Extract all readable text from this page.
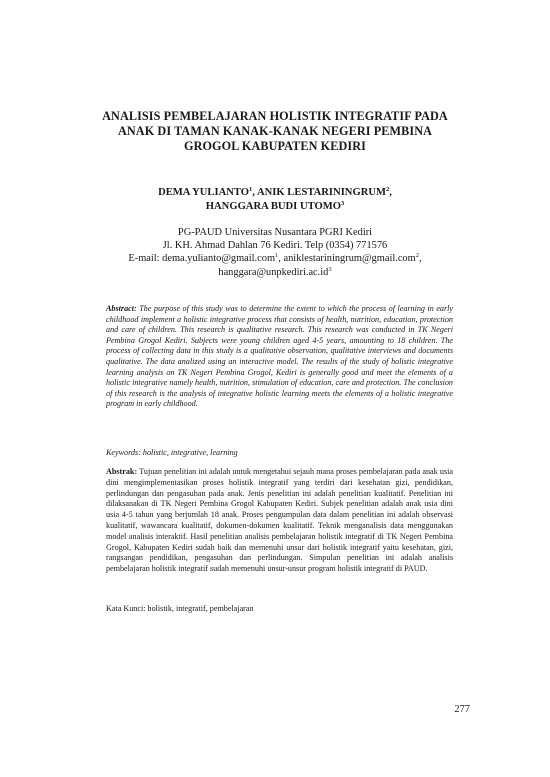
ANALISIS PEMBELAJARAN HOLISTIK INTEGRATIF PADA
ANAK DI TAMAN KANAK-KANAK NEGERI PEMBINA
GROGOL KABUPATEN KEDIRI
DEMA YULIANTO$^1$, ANIK LESTARININGRUM$^2$,
HANGGARA BUDI UTOMO$^3$
PG-PAUD Universitas Nusantara PGRI Kediri
Jl. KH. Ahmad Dahlan 76 Kediri. Telp (0354) 771576
E-mail: dema.yulianto@gmail.com$^1$, aniklestariningrum@gmail.com$^2$,
$hanggara@unpkediri.ac.id^3$
Abstract: The purpose of this study was to determine the extent to which the process of learning in early childhood implement a holistic integrative process that consists of health, nutrition, education, protection and care of children. This research is qualitative research. This research was conducted in TK Negeri Pembina Grogol Kediri. Subjects were young children aged 4-5 years, amounting to 18 children. The process of collecting data in this study is a qualitative observation, qualitative interviews and documents qualitative. The data analized using an interactive model. The results of the study of holistic integrative learning analysis on TK Negeri Pembina Grogol, Kediri is generally good and meet the elements of a holistic integrative namely health, nutrition, stimulation of education, care and protection. The conclusion of this research is the analysis of integrative holistic learning meets the elements of a holistic integrative program in early childhood.
Keywords: holistic, integrative, learning
Abstrak: Tujuan penelitian ini adalah untuk mengetahui sejauh mana proses pembelajaran pada anak usia dini mengimplementasikan proses holistik integratif yang terdiri dari kesehatan gizi, pendidikan, perlindungan dan pengasuhan pada anak. Jenis penelitian ini adalah penelitian kualitatif. Penelitian ini dilaksanakan di TK Negeri Pembina Grogol Kabupaten Kediri. Subjek penelitian adalah anak usia dini usia 4-5 tahun yang berjumlah 18 anak. Proses pengumpulan data dalam penelitian ini adalah observasi kualitatif, wawancara kualitatif, dokumen-dokumen kualitatif. Teknik menganalisis data menggunakan model analisis interaktif. Hasil penelitian analisis pembelajaran holistik integratif di TK Negeri Pembina Grogol, Kabupaten Kediri sudah baik dan memenuhi unsur dari holistik integratif yaitu kesehatan, gizi, rangsangan pendidikan, pengasuhan dan perlindungan. Simpulan penelitian ini adalah analisis pembelajaran holistik integratif sudah memenuhi unsur-unsur program holistik integratif di PAUD.
Kata Kunci: holistik, integratif, pembelajaran
277
